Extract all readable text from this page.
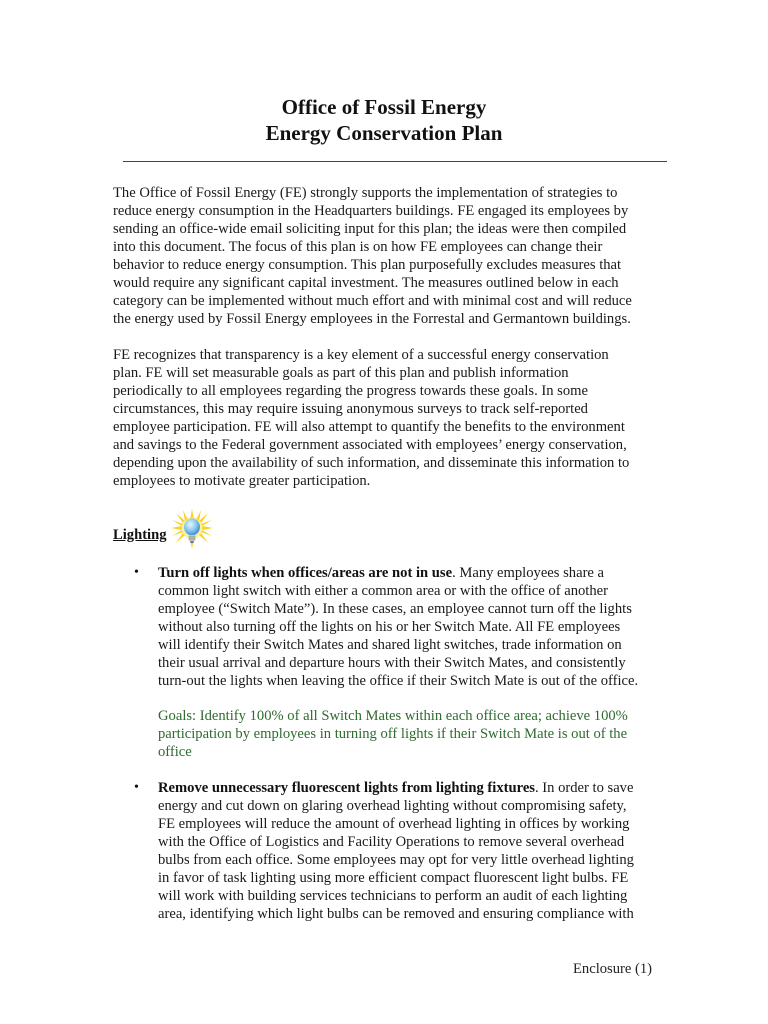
Office of Fossil Energy
Energy Conservation Plan
The Office of Fossil Energy (FE) strongly supports the implementation of strategies to
reduce energy consumption in the Headquarters buildings. FE engaged its employees by
sending an office-wide email soliciting input for this plan; the ideas were then compiled
into this document. The focus of this plan is on how FE employees can change their
behavior to reduce energy consumption. This plan purposefully excludes measures that
would require any significant capital investment. The measures outlined below in each
category can be implemented without much effort and with minimal cost and will reduce
the energy used by Fossil Energy employees in the Forrestal and Germantown buildings.
FE recognizes that transparency is a key element of a successful energy conservation
plan. FE will set measurable goals as part of this plan and publish information
periodically to all employees regarding the progress towards these goals. In some
circumstances, this may require issuing anonymous surveys to track self-reported
employee participation. FE will also attempt to quantify the benefits to the environment
and savings to the Federal government associated with employees’ energy conservation,
depending upon the availability of such information, and disseminate this information to
employees to motivate greater participation.
Lighting
• Turn off lights when offices/areas are not in use. Many employees share a
common light switch with either a common area or with the office of another
employee (“Switch Mate”). In these cases, an employee cannot turn off the lights
without also turning off the lights on his or her Switch Mate. All FE employees
will identify their Switch Mates and shared light switches, trade information on
their usual arrival and departure hours with their Switch Mates, and consistently
turn-out the lights when leaving the office if their Switch Mate is out of the office.
Goals: Identify 100% of all Switch Mates within each office area; achieve 100%
participation by employees in turning off lights if their Switch Mate is out of the
office
• Remove unnecessary fluorescent lights from lighting fixtures. In order to save
energy and cut down on glaring overhead lighting without compromising safety,
FE employees will reduce the amount of overhead lighting in offices by working
with the Office of Logistics and Facility Operations to remove several overhead
bulbs from each office. Some employees may opt for very little overhead lighting
in favor of task lighting using more efficient compact fluorescent light bulbs. FE
will work with building services technicians to perform an audit of each lighting
area, identifying which light bulbs can be removed and ensuring compliance with
Enclosure (1)
